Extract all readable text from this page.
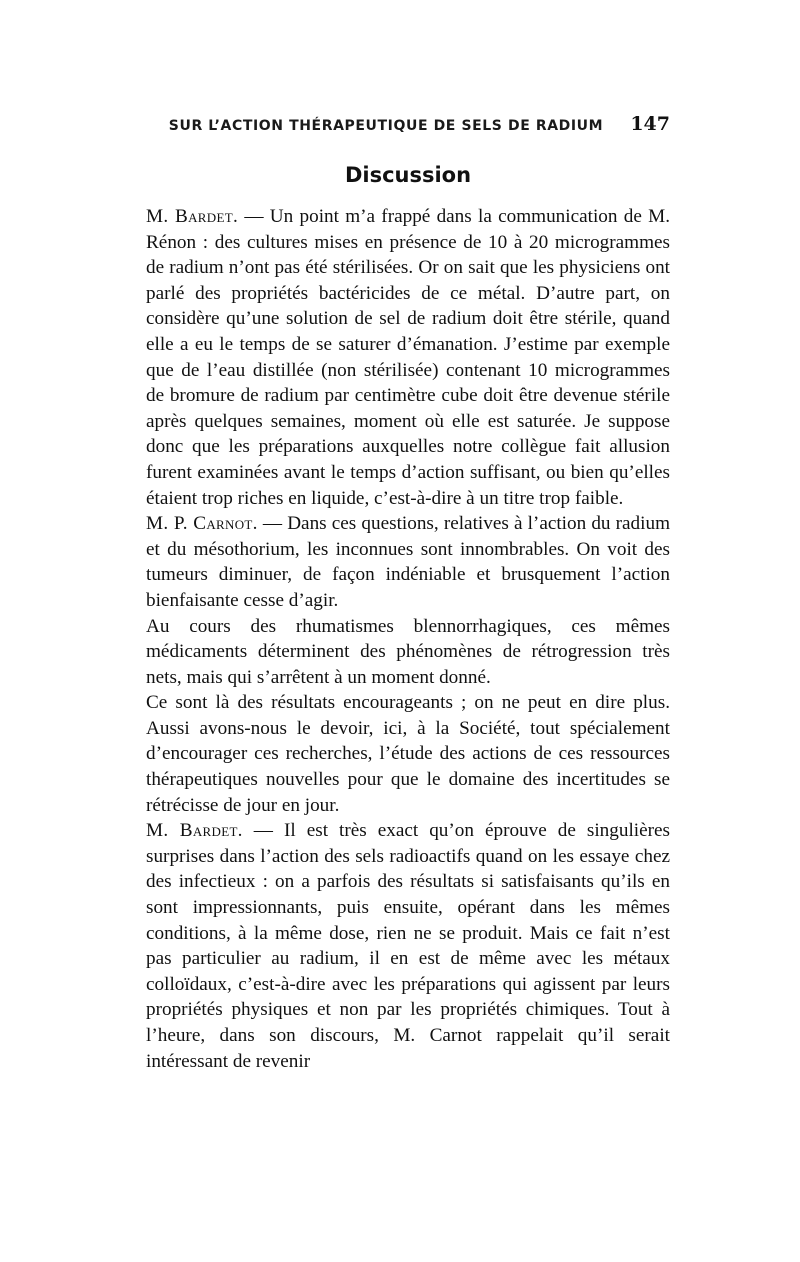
SUR L’ACTION THÉRAPEUTIQUE DE SELS DE RADIUM	147
Discussion

M. Bardet. — Un point m’a frappé dans la communication de M. Rénon : des cultures mises en présence de 10 à 20 microgrammes de radium n’ont pas été stérilisées. Or on sait que les physiciens ont parlé des propriétés bactéricides de ce métal. D’autre part, on considère qu’une solution de sel de radium doit être stérile, quand elle a eu le temps de se saturer d’émanation. J’estime par exemple que de l’eau distillée (non stérilisée) contenant 10 microgrammes de bromure de radium par centimètre cube doit être devenue stérile après quelques semaines, moment où elle est saturée. Je suppose donc que les préparations auxquelles notre collègue fait allusion furent examinées avant le temps d’action suffisant, ou bien qu’elles étaient trop riches en liquide, c’est-à-dire à un titre trop faible.

M. P. Carnot. — Dans ces questions, relatives à l’action du radium et du mésothorium, les inconnues sont innombrables. On voit des tumeurs diminuer, de façon indéniable et brusquement l’action bienfaisante cesse d’agir.

Au cours des rhumatismes blennorrhagiques, ces mêmes médicaments déterminent des phénomènes de rétrogression très nets, mais qui s’arrêtent à un moment donné.

Ce sont là des résultats encourageants ; on ne peut en dire plus. Aussi avons-nous le devoir, ici, à la Société, tout spécialement d’encourager ces recherches, l’étude des actions de ces ressources thérapeutiques nouvelles pour que le domaine des incertitudes se rétrécisse de jour en jour.

M. Bardet. — Il est très exact qu’on éprouve de singulières surprises dans l’action des sels radioactifs quand on les essaye chez des infectieux : on a parfois des résultats si satisfaisants qu’ils en sont impressionnants, puis ensuite, opérant dans les mêmes conditions, à la même dose, rien ne se produit. Mais ce fait n’est pas particulier au radium, il en est de même avec les métaux colloïdaux, c’est-à-dire avec les préparations qui agissent par leurs propriétés physiques et non par les propriétés chimiques. Tout à l’heure, dans son discours, M. Carnot rappelait qu’il serait intéressant de revenir
